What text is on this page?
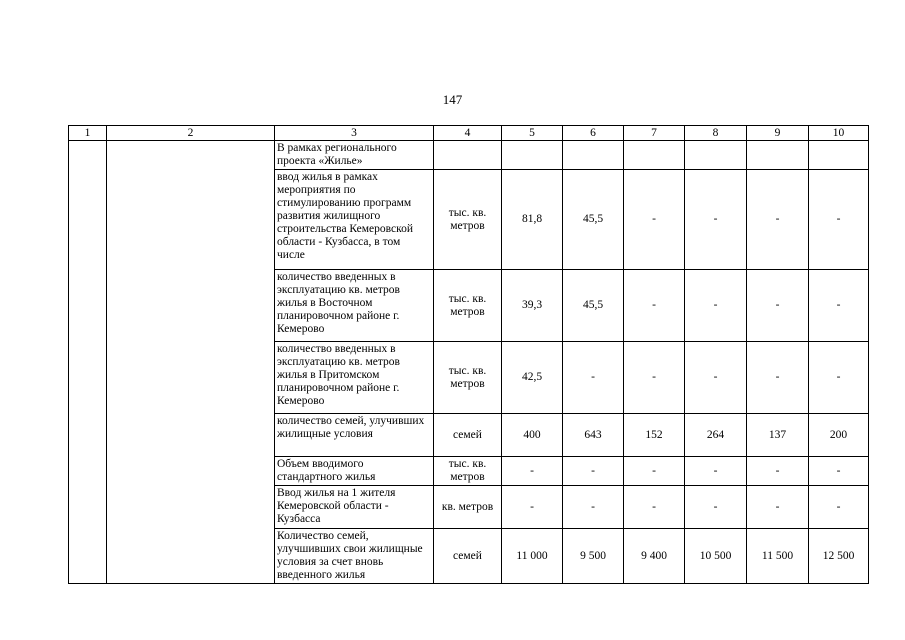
147
1	2	3	4	5	6	7	8	9	10
		В рамках регионального проекта «Жилье»							
		ввод жилья в рамках мероприятия по стимулированию программ развития жилищного строительства Кемеровской области - Кузбасса, в том числе	тыс. кв. метров	81,8	45,5	-	-	-	-
		количество введенных в эксплуатацию кв. метров жилья в Восточном планировочном районе г. Кемерово	тыс. кв. метров	39,3	45,5	-	-	-	-
		количество введенных в эксплуатацию кв. метров жилья в Притомском планировочном районе г. Кемерово	тыс. кв. метров	42,5	-	-	-	-	-
		количество семей, улучивших жилищные условия	семей	400	643	152	264	137	200
		Объем вводимого стандартного жилья	тыс. кв. метров	-	-	-	-	-	-
		Ввод жилья на 1 жителя Кемеровской области - Кузбасса	кв. метров	-	-	-	-	-	-
		Количество семей, улучшивших свои жилищные условия за счет вновь введенного жилья	семей	11 000	9 500	9 400	10 500	11 500	12 500
